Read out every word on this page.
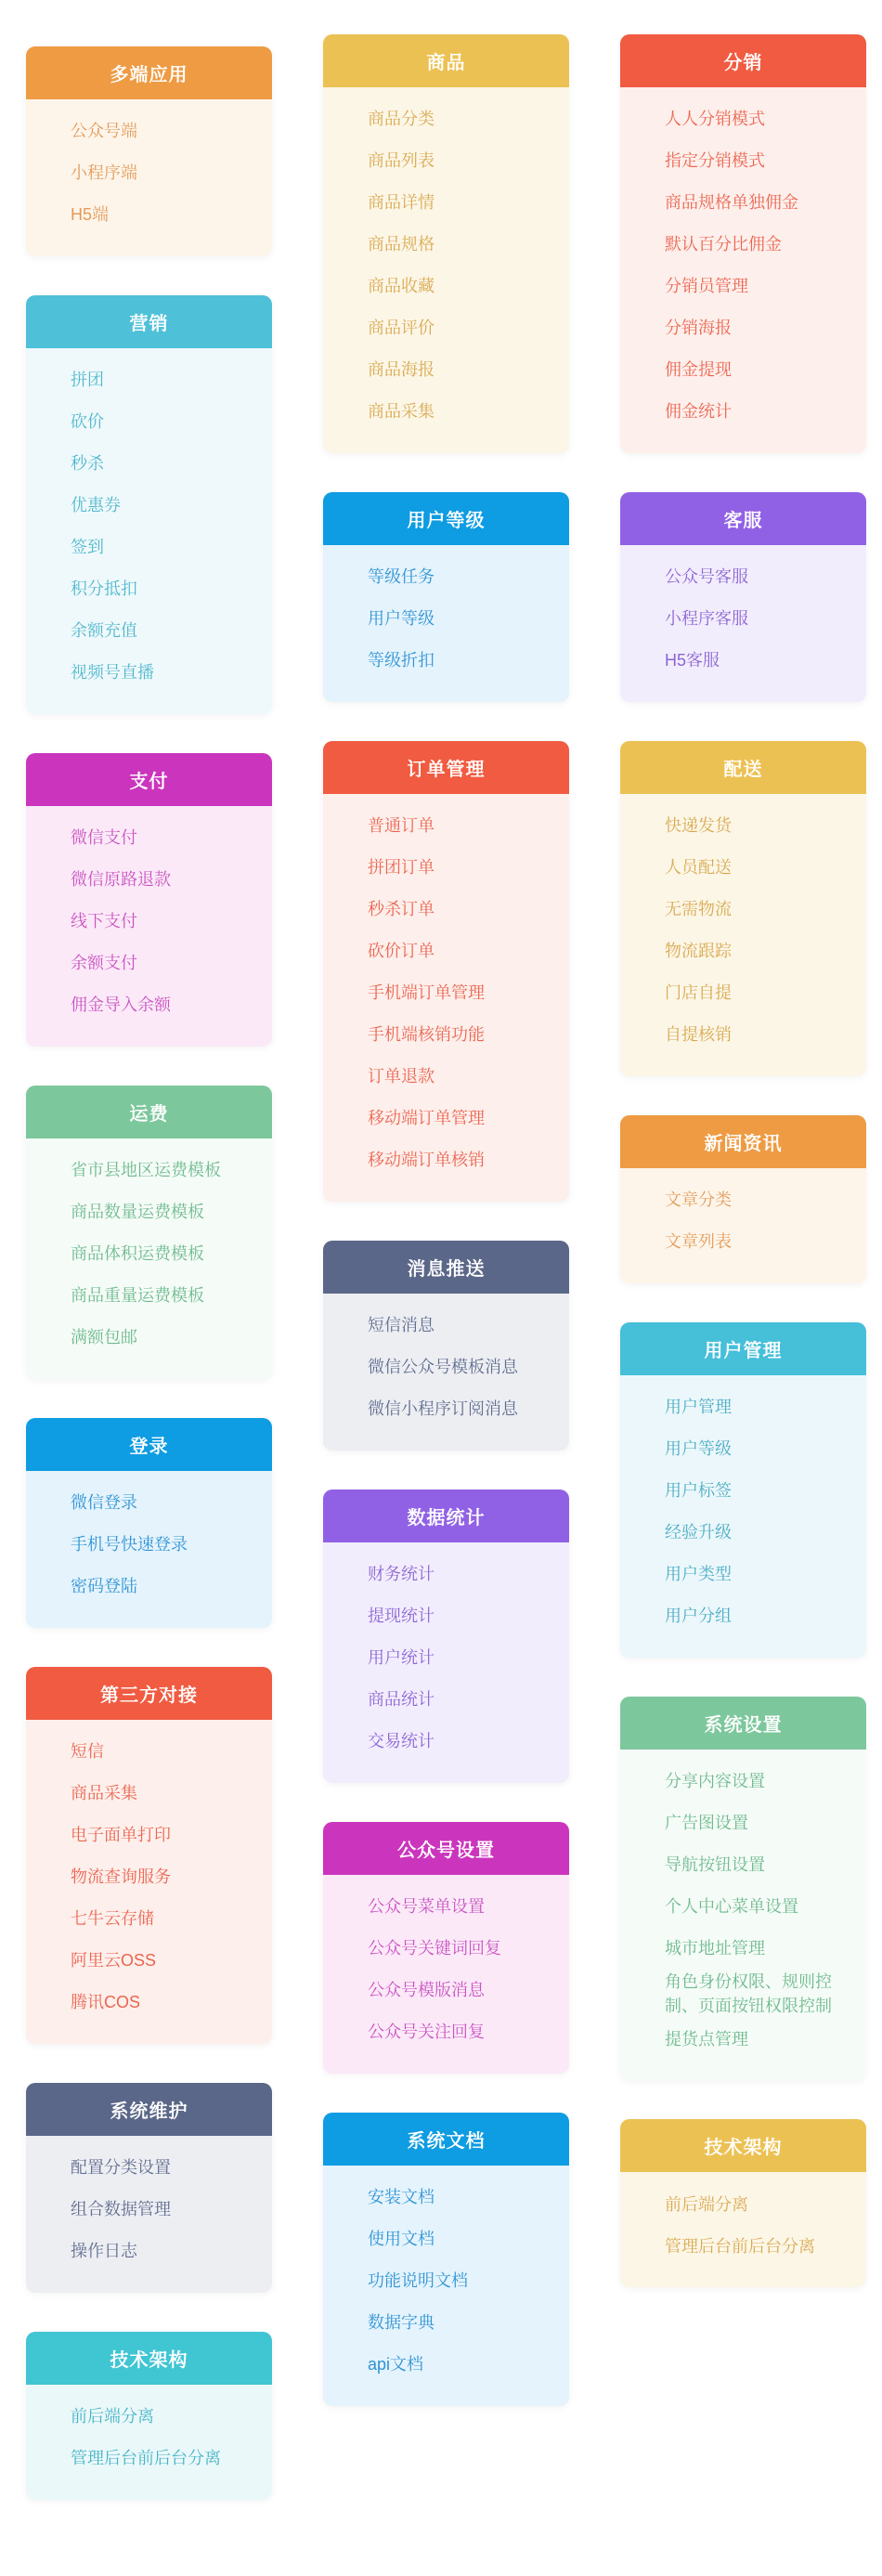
多端应用
公众号端
小程序端
H5端
营销
拼团
砍价
秒杀
优惠券
签到
积分抵扣
余额充值
视频号直播
支付
微信支付
微信原路退款
线下支付
余额支付
佣金导入余额
运费
省市县地区运费模板
商品数量运费模板
商品体积运费模板
商品重量运费模板
满额包邮
登录
微信登录
手机号快速登录
密码登陆
第三方对接
短信
商品采集
电子面单打印
物流查询服务
七牛云存储
阿里云OSS
腾讯COS
系统维护
配置分类设置
组合数据管理
操作日志
技术架构
前后端分离
管理后台前后台分离
商品
商品分类
商品列表
商品详情
商品规格
商品收藏
商品评价
商品海报
商品采集
用户等级
等级任务
用户等级
等级折扣
订单管理
普通订单
拼团订单
秒杀订单
砍价订单
手机端订单管理
手机端核销功能
订单退款
移动端订单管理
移动端订单核销
消息推送
短信消息
微信公众号模板消息
微信小程序订阅消息
数据统计
财务统计
提现统计
用户统计
商品统计
交易统计
公众号设置
公众号菜单设置
公众号关键词回复
公众号模版消息
公众号关注回复
系统文档
安装文档
使用文档
功能说明文档
数据字典
api文档
分销
人人分销模式
指定分销模式
商品规格单独佣金
默认百分比佣金
分销员管理
分销海报
佣金提现
佣金统计
客服
公众号客服
小程序客服
H5客服
配送
快递发货
人员配送
无需物流
物流跟踪
门店自提
自提核销
新闻资讯
文章分类
文章列表
用户管理
用户管理
用户等级
用户标签
经验升级
用户类型
用户分组
系统设置
分享内容设置
广告图设置
导航按钮设置
个人中心菜单设置
城市地址管理
角色身份权限、规则控制、页面按钮权限控制
提货点管理
技术架构
前后端分离
管理后台前后台分离
